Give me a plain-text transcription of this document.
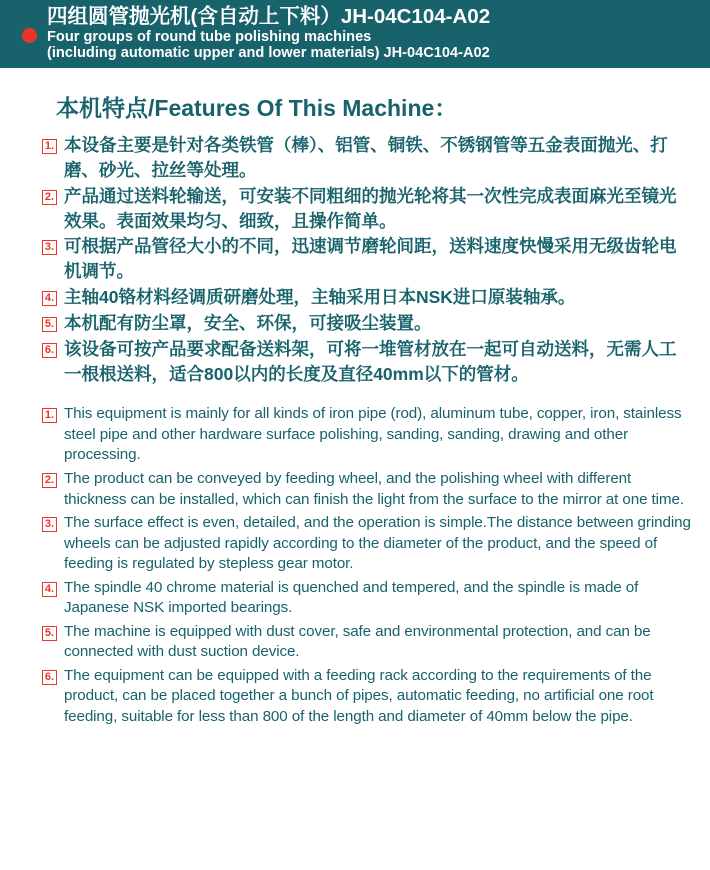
四组圆管抛光机(含自动上下料）JH-04C104-A02
Four groups of round tube polishing machines
(including automatic upper and lower materials) JH-04C104-A02
本机特点/Features Of This Machine：
1. 本设备主要是针对各类铁管（棒）、铝管、铜铁、不锈钢管等五金表面抛光、打磨、砂光、拉丝等处理。
2. 产品通过送料轮输送，可安装不同粗细的抛光轮将其一次性完成表面麻光至镜光效果。表面效果均匀、细致，且操作简单。
3. 可根据产品管径大小的不同，迅速调节磨轮间距，送料速度快慢采用无级齿轮电机调节。
4. 主轴40铬材料经调质研磨处理，主轴采用日本NSK进口原装轴承。
5. 本机配有防尘罩，安全、环保，可接吸尘装置。
6. 该设备可按产品要求配备送料架，可将一堆管材放在一起可自动送料，无需人工一根根送料，适合800以内的长度及直径40mm以下的管材。
1. This equipment is mainly for all kinds of iron pipe (rod), aluminum tube, copper, iron, stainless steel pipe and other hardware surface polishing, sanding, sanding, drawing and other processing.
2. The product can be conveyed by feeding wheel, and the polishing wheel with different thickness can be installed, which can finish the light from the surface to the mirror at one time.
3. The surface effect is even, detailed, and the operation is simple.The distance between grinding wheels can be adjusted rapidly according to the diameter of the product, and the speed of feeding is regulated by stepless gear motor.
4. The spindle 40 chrome material is quenched and tempered, and the spindle is made of Japanese NSK imported bearings.
5. The machine is equipped with dust cover, safe and environmental protection, and can be connected with dust suction device.
6. The equipment can be equipped with a feeding rack according to the requirements of the product, can be placed together a bunch of pipes, automatic feeding, no artificial one root feeding, suitable for less than 800 of the length and diameter of 40mm below the pipe.
